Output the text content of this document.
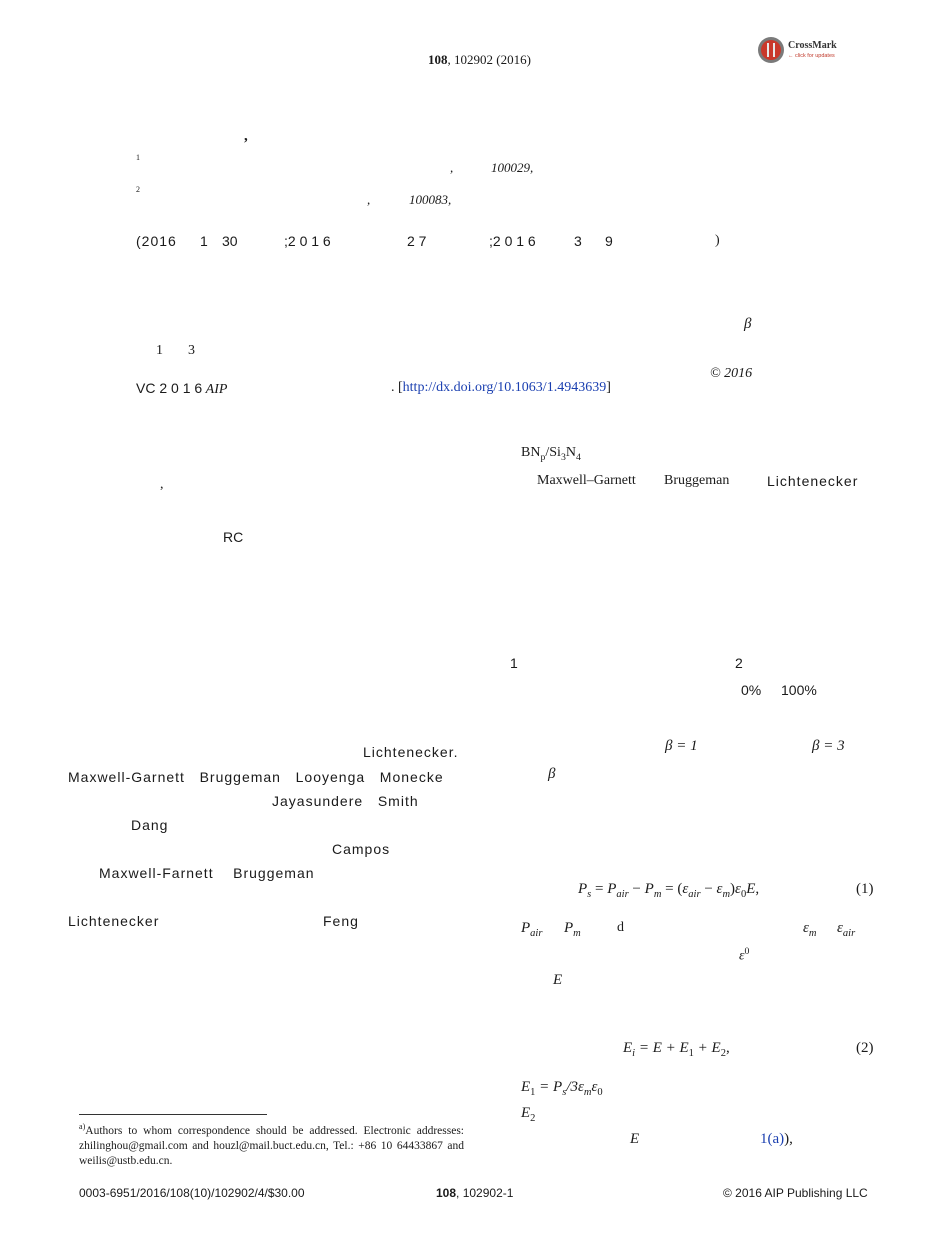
108, 102902 (2016)
CrossMark
← click for updates
,
1
,	100029,
2
,	100083,
(2016 1 30	;2 0 1 6	2 7	;2 0 1 6	3 9	)
β
1 3
© 2016
VC 2 0 1 6 AIP	. [http://dx.doi.org/10.1063/1.4943639]
,
RC
Lichtenecker.
Maxwell-Garnett   Bruggeman   Looyenga   Monecke
Jayasundere   Smith
Dang
Campos
Maxwell-Farnett    Bruggeman
Lichtenecker	Feng
$BN_p/Si_3N_4$
Maxwell–Garnett Bruggeman	Lichtenecker
1	2
0% 100%
β = 1	β = 3
β
$P_s = P_{air} - P_m = (\varepsilon_{air} - \varepsilon_m)\varepsilon_0E$,	(1)
$P_{air}$ $P_m$	d	$\varepsilon_m$ $\varepsilon_{air}$
$\varepsilon^0$
E
$E_i = E + E_1 + E_2$,	(2)
$E_1 = P_s/3\varepsilon_m\varepsilon_0$
$E_2$
E	1(a)),
$^{a)}$Authors to whom correspondence should be addressed. Electronic addresses: zhilinghou@gmail.com and houzl@mail.buct.edu.cn, Tel.: +86 10 64433867 and weilis@ustb.edu.cn.
0003-6951/2016/108(10)/102902/4/$30.00	108, 102902-1	© 2016 AIP Publishing LLC
